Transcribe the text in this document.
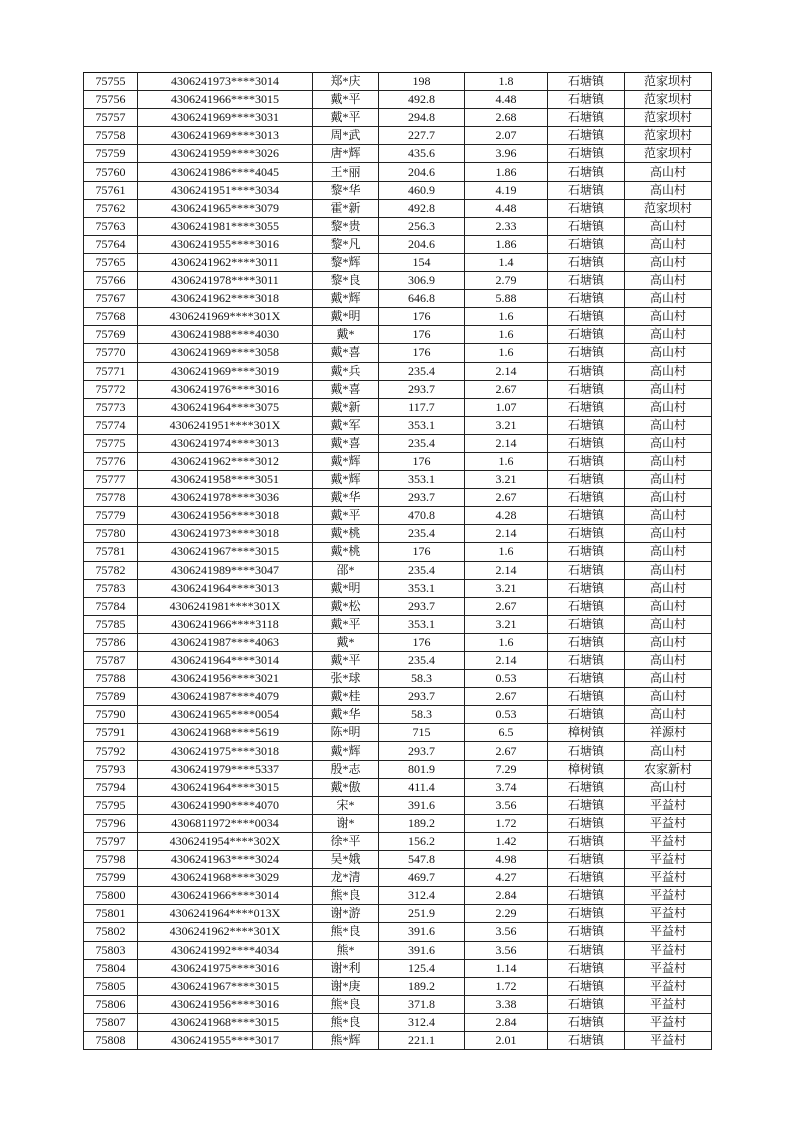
75755	4306241973****3014	郑*庆	198	1.8	石塘镇	范家坝村
75756	4306241966****3015	戴*平	492.8	4.48	石塘镇	范家坝村
75757	4306241969****3031	戴*平	294.8	2.68	石塘镇	范家坝村
75758	4306241969****3013	周*武	227.7	2.07	石塘镇	范家坝村
75759	4306241959****3026	唐*辉	435.6	3.96	石塘镇	范家坝村
75760	4306241986****4045	王*丽	204.6	1.86	石塘镇	高山村
75761	4306241951****3034	黎*华	460.9	4.19	石塘镇	高山村
75762	4306241965****3079	霍*新	492.8	4.48	石塘镇	范家坝村
75763	4306241981****3055	黎*贵	256.3	2.33	石塘镇	高山村
75764	4306241955****3016	黎*凡	204.6	1.86	石塘镇	高山村
75765	4306241962****3011	黎*辉	154	1.4	石塘镇	高山村
75766	4306241978****3011	黎*良	306.9	2.79	石塘镇	高山村
75767	4306241962****3018	戴*辉	646.8	5.88	石塘镇	高山村
75768	4306241969****301X	戴*明	176	1.6	石塘镇	高山村
75769	4306241988****4030	戴*	176	1.6	石塘镇	高山村
75770	4306241969****3058	戴*喜	176	1.6	石塘镇	高山村
75771	4306241969****3019	戴*兵	235.4	2.14	石塘镇	高山村
75772	4306241976****3016	戴*喜	293.7	2.67	石塘镇	高山村
75773	4306241964****3075	戴*新	117.7	1.07	石塘镇	高山村
75774	4306241951****301X	戴*军	353.1	3.21	石塘镇	高山村
75775	4306241974****3013	戴*喜	235.4	2.14	石塘镇	高山村
75776	4306241962****3012	戴*辉	176	1.6	石塘镇	高山村
75777	4306241958****3051	戴*辉	353.1	3.21	石塘镇	高山村
75778	4306241978****3036	戴*华	293.7	2.67	石塘镇	高山村
75779	4306241956****3018	戴*平	470.8	4.28	石塘镇	高山村
75780	4306241973****3018	戴*桃	235.4	2.14	石塘镇	高山村
75781	4306241967****3015	戴*桃	176	1.6	石塘镇	高山村
75782	4306241989****3047	邵*	235.4	2.14	石塘镇	高山村
75783	4306241964****3013	戴*明	353.1	3.21	石塘镇	高山村
75784	4306241981****301X	戴*松	293.7	2.67	石塘镇	高山村
75785	4306241966****3118	戴*平	353.1	3.21	石塘镇	高山村
75786	4306241987****4063	戴*	176	1.6	石塘镇	高山村
75787	4306241964****3014	戴*平	235.4	2.14	石塘镇	高山村
75788	4306241956****3021	张*球	58.3	0.53	石塘镇	高山村
75789	4306241987****4079	戴*桂	293.7	2.67	石塘镇	高山村
75790	4306241965****0054	戴*华	58.3	0.53	石塘镇	高山村
75791	4306241968****5619	陈*明	715	6.5	樟树镇	祥源村
75792	4306241975****3018	戴*辉	293.7	2.67	石塘镇	高山村
75793	4306241979****5337	殷*志	801.9	7.29	樟树镇	农家新村
75794	4306241964****3015	戴*傲	411.4	3.74	石塘镇	高山村
75795	4306241990****4070	宋*	391.6	3.56	石塘镇	平益村
75796	4306811972****0034	谢*	189.2	1.72	石塘镇	平益村
75797	4306241954****302X	徐*平	156.2	1.42	石塘镇	平益村
75798	4306241963****3024	吴*娥	547.8	4.98	石塘镇	平益村
75799	4306241968****3029	龙*清	469.7	4.27	石塘镇	平益村
75800	4306241966****3014	熊*良	312.4	2.84	石塘镇	平益村
75801	4306241964****013X	谢*游	251.9	2.29	石塘镇	平益村
75802	4306241962****301X	熊*良	391.6	3.56	石塘镇	平益村
75803	4306241992****4034	熊*	391.6	3.56	石塘镇	平益村
75804	4306241975****3016	谢*利	125.4	1.14	石塘镇	平益村
75805	4306241967****3015	谢*庚	189.2	1.72	石塘镇	平益村
75806	4306241956****3016	熊*良	371.8	3.38	石塘镇	平益村
75807	4306241968****3015	熊*良	312.4	2.84	石塘镇	平益村
75808	4306241955****3017	熊*辉	221.1	2.01	石塘镇	平益村
